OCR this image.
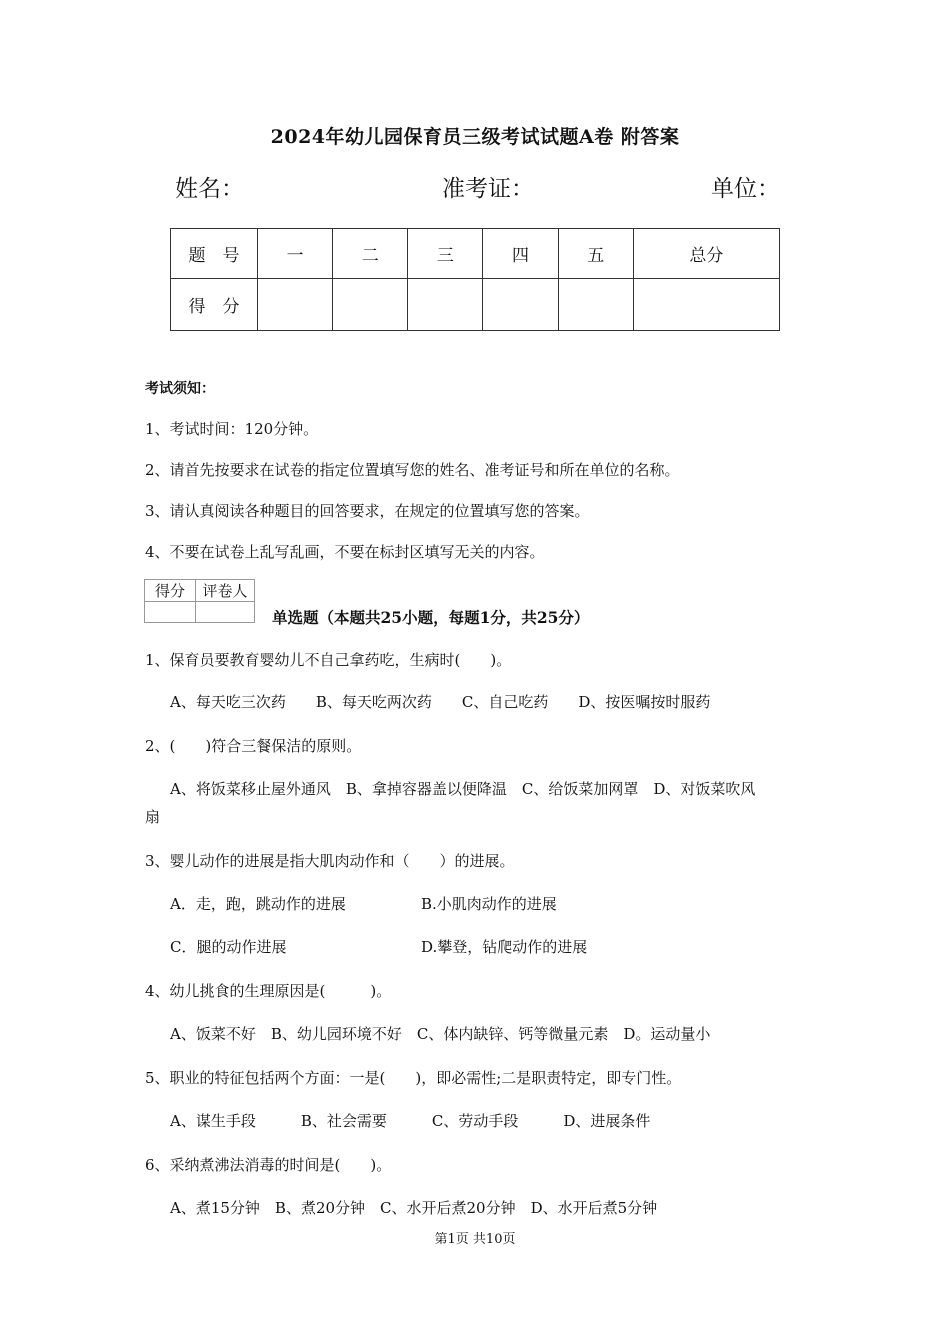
2024年幼儿园保育员三级考试试题A卷 附答案
姓名：	准考证：	单位：
题　号	一	二	三	四	五	总分
得　分						
考试须知：
1、考试时间：120分钟。
2、请首先按要求在试卷的指定位置填写您的姓名、准考证号和所在单位的名称。
3、请认真阅读各种题目的回答要求，在规定的位置填写您的答案。
4、不要在试卷上乱写乱画，不要在标封区填写无关的内容。
得分	评卷人

单选题（本题共25小题，每题1分，共25分）
1、保育员要教育婴幼儿不自己拿药吃，生病时(　　)。
A、每天吃三次药　　B、每天吃两次药　　C、自己吃药　　D、按医嘱按时服药
2、(　　)符合三餐保洁的原则。
A、将饭菜移止屋外通风　B、拿掉容器盖以便降温　C、给饭菜加网罩　D、对饭菜吹风
扇
3、婴儿动作的进展是指大肌肉动作和（　　）的进展。
A．走，跑，跳动作的进展	B.小肌肉动作的进展
C．腿的动作进展	D.攀登，钻爬动作的进展
4、幼儿挑食的生理原因是(　　　)。
A、饭菜不好　B、幼儿园环境不好　C、体内缺锌、钙等微量元素　D。运动量小
5、职业的特征包括两个方面：一是(　　)，即必需性;二是职责特定，即专门性。
A、谋生手段　　　B、社会需要　　　C、劳动手段　　　D、进展条件
6、采纳煮沸法消毒的时间是(　　)。
A、煮15分钟　B、煮20分钟　C、水开后煮20分钟　D、水开后煮5分钟
第1页 共10页
